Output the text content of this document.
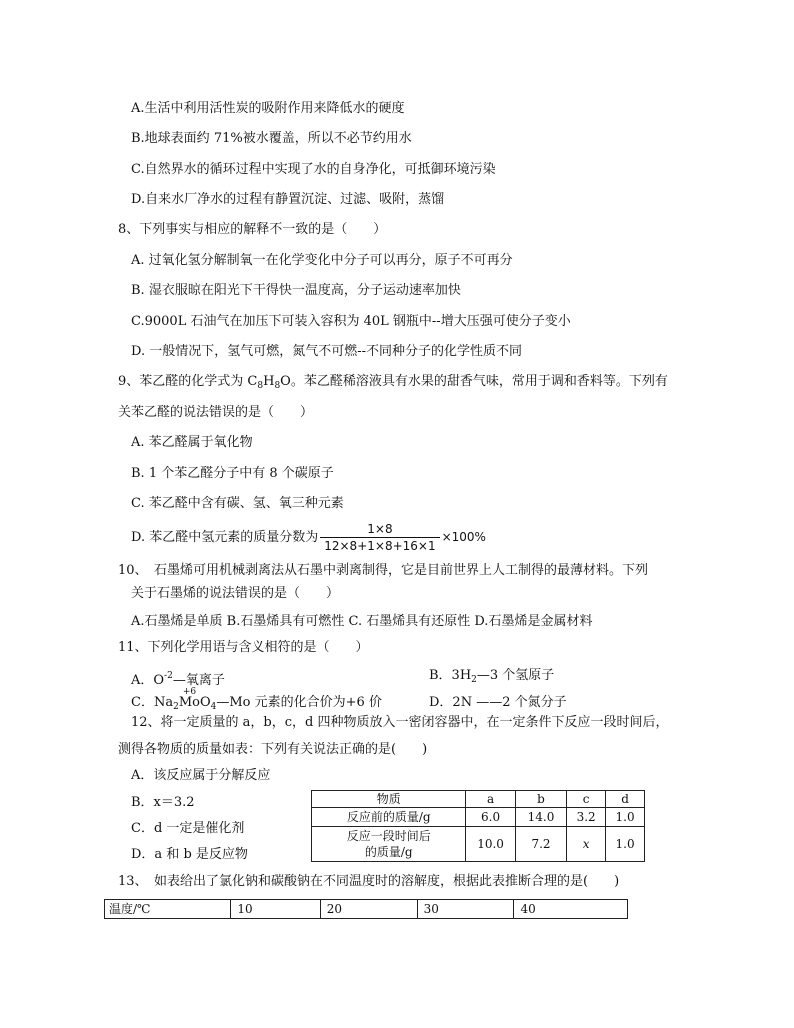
A.生活中利用活性炭的吸附作用来降低水的硬度
B.地球表面约 71%被水覆盖，所以不必节约用水
C.自然界水的循环过程中实现了水的自身净化，可抵御环境污染
D.自来水厂净水的过程有静置沉淀、过滤、吸附，蒸馏
8、下列事实与相应的解释不一致的是（　　）
A. 过氧化氢分解制氧一在化学变化中分子可以再分，原子不可再分
B. 湿衣服晾在阳光下干得快一温度高，分子运动速率加快
C.9000L 石油气在加压下可装入容积为 40L 钢瓶中--增大压强可使分子变小
D. 一般情况下，氢气可燃，氮气不可燃--不同种分子的化学性质不同
9、苯乙醛的化学式为 $C_8H_8O$。苯乙醛稀溶液具有水果的甜香气味，常用于调和香料等。下列有
关苯乙醛的说法错误的是（　　）
A. 苯乙醛属于氧化物
B. 1 个苯乙醛分子中有 8 个碳原子
C. 苯乙醛中含有碳、氢、氧三种元素
D. 苯乙醛中氢元素的质量分数为 $\frac{1\times 8}{12\times 8+1\times 8+16\times 1} \times 100\%$
10、　石墨烯可用机械剥离法从石墨中剥离制得，它是目前世界上人工制得的最薄材料。下列
关于石墨烯的说法错误的是（　　）
A.石墨烯是单质 B.石墨烯具有可燃性 C. 石墨烯具有还原性 D.石墨烯是金属材料
11、下列化学用语与含义相符的是（　　）
A．$O^{-2}—$氧离子	B．$3H_2—3$ 个氢原子
C．$Na_2$
+6
MoO$_4$—Mo 元素的化合价为+6 价	D．2N ——2 个氮分子
12、将一定质量的 a，b，c，d 四种物质放入一密闭容器中，在一定条件下反应一段时间后，
测得各物质的质量如表：下列有关说法正确的是(　　)
A．该反应属于分解反应
B．x＝3.2
C．d 一定是催化剂
D．a 和 b 是反应物
物质	a	b	c	d
反应前的质量/g	6.0	14.0	3.2	1.0

反应一段时间后
的质量/g	10.0	7.2	x	1.0
13、　如表给出了氯化钠和碳酸钠在不同温度时的溶解度，根据此表推断合理的是(　　)
温度/℃	10	20	30	40
